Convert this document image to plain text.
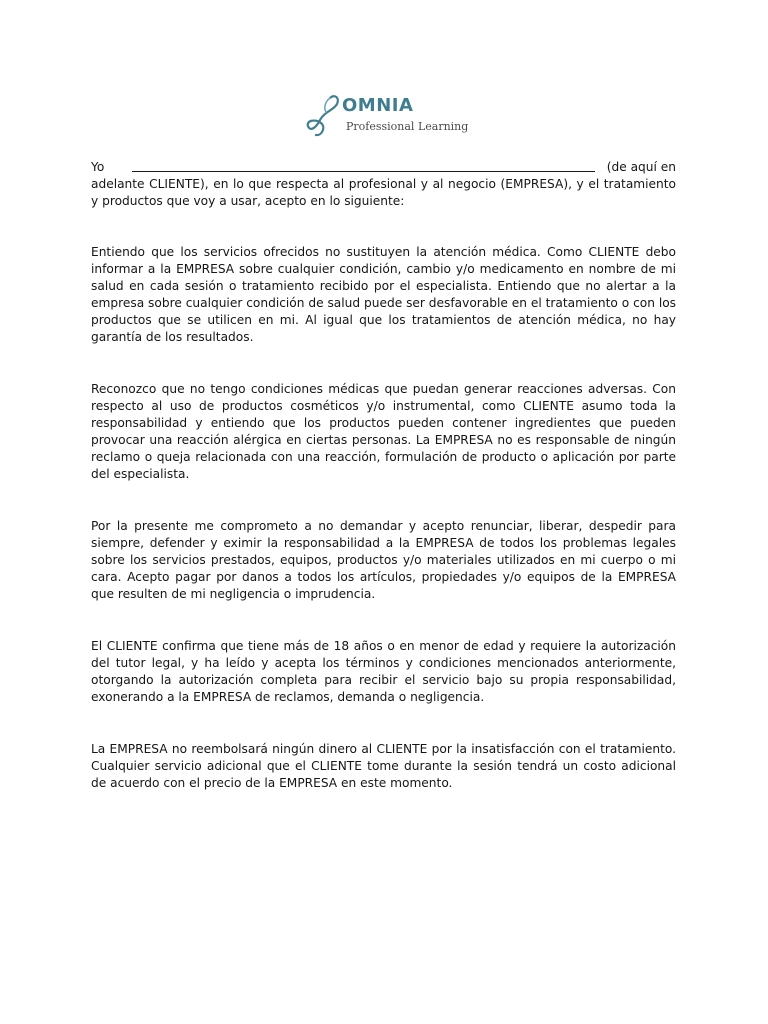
OMNIA
Professional Learning
Yo	(de aquí en

adelante CLIENTE), en lo que respecta al profesional y al negocio (EMPRESA), y el tratamiento y productos que voy a usar, acepto en lo siguiente:

Entiendo que los servicios ofrecidos no sustituyen la atención médica. Como CLIENTE debo informar a la EMPRESA sobre cualquier condición, cambio y/o medicamento en nombre de mi salud en cada sesión o tratamiento recibido por el especialista. Entiendo que no alertar a la empresa sobre cualquier condición de salud puede ser desfavorable en el tratamiento o con los productos que se utilicen en mi. Al igual que los tratamientos de atención médica, no hay garantía de los resultados.

Reconozco que no tengo condiciones médicas que puedan generar reacciones adversas. Con respecto al uso de productos cosméticos y/o instrumental, como CLIENTE asumo toda la responsabilidad y entiendo que los productos pueden contener ingredientes que pueden provocar una reacción alérgica en ciertas personas. La EMPRESA no es responsable de ningún reclamo o queja relacionada con una reacción, formulación de producto o aplicación por parte del especialista.

Por la presente me comprometo a no demandar y acepto renunciar, liberar, despedir para siempre, defender y eximir la responsabilidad a la EMPRESA de todos los problemas legales sobre los servicios prestados, equipos, productos y/o materiales utilizados en mi cuerpo o mi cara. Acepto pagar por danos a todos los artículos, propiedades y/o equipos de la EMPRESA que resulten de mi negligencia o imprudencia.

El CLIENTE confirma que tiene más de 18 años o en menor de edad y requiere la autorización del tutor legal, y ha leído y acepta los términos y condiciones mencionados anteriormente, otorgando la autorización completa para recibir el servicio bajo su propia responsabilidad, exonerando a la EMPRESA de reclamos, demanda o negligencia.

La EMPRESA no reembolsará ningún dinero al CLIENTE por la insatisfacción con el tratamiento. Cualquier servicio adicional que el CLIENTE tome durante la sesión tendrá un costo adicional de acuerdo con el precio de la EMPRESA en este momento.
